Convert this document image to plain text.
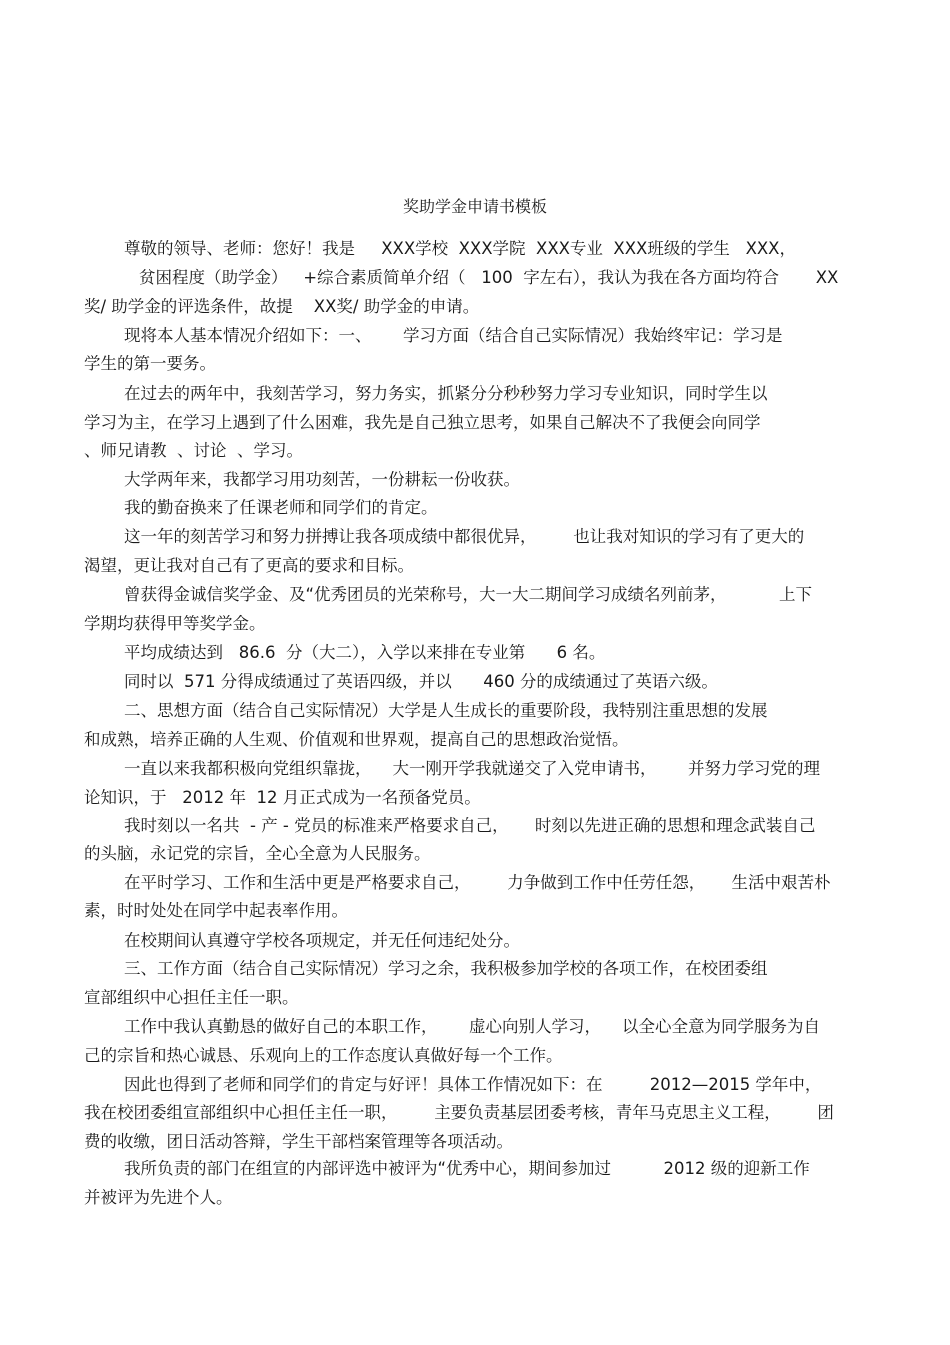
奖助学金申请书模板
尊敬的领导、老师：您好！我是     XXX学校  XXX学院  XXX专业  XXX班级的学生   XXX，
贫困程度（助学金）   +综合素质简单介绍（   100  字左右），我认为我在各方面均符合       XX
奖/ 助学金的评选条件，故提    XX奖/ 助学金的申请。
现将本人基本情况介绍如下：一、      学习方面（结合自己实际情况）我始终牢记：学习是
学生的第一要务。
在过去的两年中，我刻苦学习，努力务实，抓紧分分秒秒努力学习专业知识，同时学生以
学习为主，在学习上遇到了什么困难，我先是自己独立思考，如果自己解决不了我便会向同学
、师兄请教  、讨论  、学习。
大学两年来，我都学习用功刻苦，一份耕耘一份收获。
我的勤奋换来了任课老师和同学们的肯定。
这一年的刻苦学习和努力拼搏让我各项成绩中都很优异，       也让我对知识的学习有了更大的
渴望，更让我对自己有了更高的要求和目标。
曾获得金诚信奖学金、及“优秀团员的光荣称号，大一大二期间学习成绩名列前茅，          上下
学期均获得甲等奖学金。
平均成绩达到   86.6  分（大二），入学以来排在专业第      6 名。
同时以  571 分得成绩通过了英语四级，并以      460 分的成绩通过了英语六级。
二、思想方面（结合自己实际情况）大学是人生成长的重要阶段，我特别注重思想的发展
和成熟，培养正确的人生观、价值观和世界观，提高自己的思想政治觉悟。
一直以来我都积极向党组织靠拢，    大一刚开学我就递交了入党申请书，      并努力学习党的理
论知识，于   2012 年  12 月正式成为一名预备党员。
我时刻以一名共  - 产 - 党员的标准来严格要求自己，     时刻以先进正确的思想和理念武装自己
的头脑，永记党的宗旨，全心全意为人民服务。
在平时学习、工作和生活中更是严格要求自己，       力争做到工作中任劳任怨，     生活中艰苦朴
素，时时处处在同学中起表率作用。
在校期间认真遵守学校各项规定，并无任何违纪处分。
三、工作方面（结合自己实际情况）学习之余，我积极参加学校的各项工作，在校团委组
宣部组织中心担任主任一职。
工作中我认真勤恳的做好自己的本职工作，      虚心向别人学习，    以全心全意为同学服务为自
己的宗旨和热心诚恳、乐观向上的工作态度认真做好每一个工作。
因此也得到了老师和同学们的肯定与好评！具体工作情况如下：在         2012—2015 学年中，
我在校团委组宣部组织中心担任主任一职，       主要负责基层团委考核，青年马克思主义工程，       团
费的收缴，团日活动答辩，学生干部档案管理等各项活动。
我所负责的部门在组宣的内部评选中被评为“优秀中心，期间参加过          2012 级的迎新工作
并被评为先进个人。
